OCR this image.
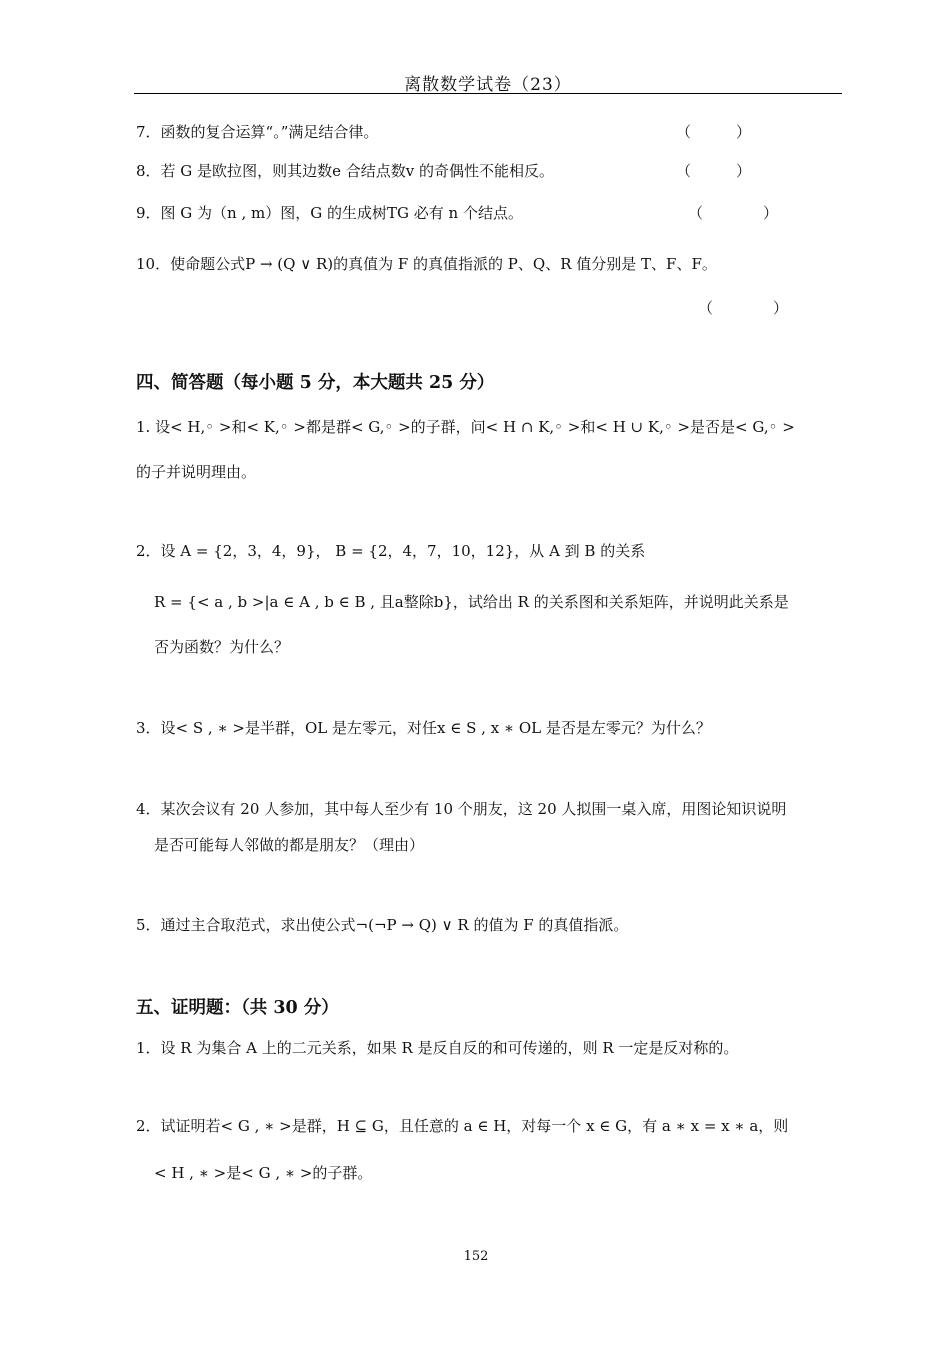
离散数学试卷（23）
7．函数的复合运算“。”满足结合律。	（　　　）
8．若 G 是欧拉图，则其边数e 合结点数v 的奇偶性不能相反。	（　　　）
9．图 G 为（n , m）图，G 的生成树TG 必有 n 个结点。	（　　　　）
10．使命题公式P → (Q ∨ R)的真值为 F 的真值指派的 P、Q、R 值分别是 T、F、F。
（　　　　）
四、简答题（每小题 5 分，本大题共 25 分）
1. 设< H,◦ >和< K,◦ >都是群< G,◦ >的子群，问< H ∩ K,◦ >和< H ∪ K,◦ >是否是< G,◦ >
的子并说明理由。
2．设 A = {2，3，4，9}， B = {2，4，7，10，12}，从 A 到 B 的关系
R = {< a , b >|a ∈ A , b ∈ B , 且a整除b}，试给出 R 的关系图和关系矩阵，并说明此关系是
否为函数？为什么？
3．设< S , ∗ >是半群，OL 是左零元，对任x ∈ S , x ∗ OL 是否是左零元？为什么？
4．某次会议有 20 人参加，其中每人至少有 10 个朋友，这 20 人拟围一桌入席，用图论知识说明
是否可能每人邻做的都是朋友？（理由）
5．通过主合取范式，求出使公式¬(¬P → Q) ∨ R 的值为 F 的真值指派。
五、证明题：（共 30 分）
1．设 R 为集合 A 上的二元关系，如果 R 是反自反的和可传递的，则 R 一定是反对称的。
2．试证明若< G , ∗ >是群，H ⊆ G，且任意的 a ∈ H，对每一个 x ∈ G，有 a ∗ x = x ∗ a，则
< H , ∗ >是< G , ∗ >的子群。
152
